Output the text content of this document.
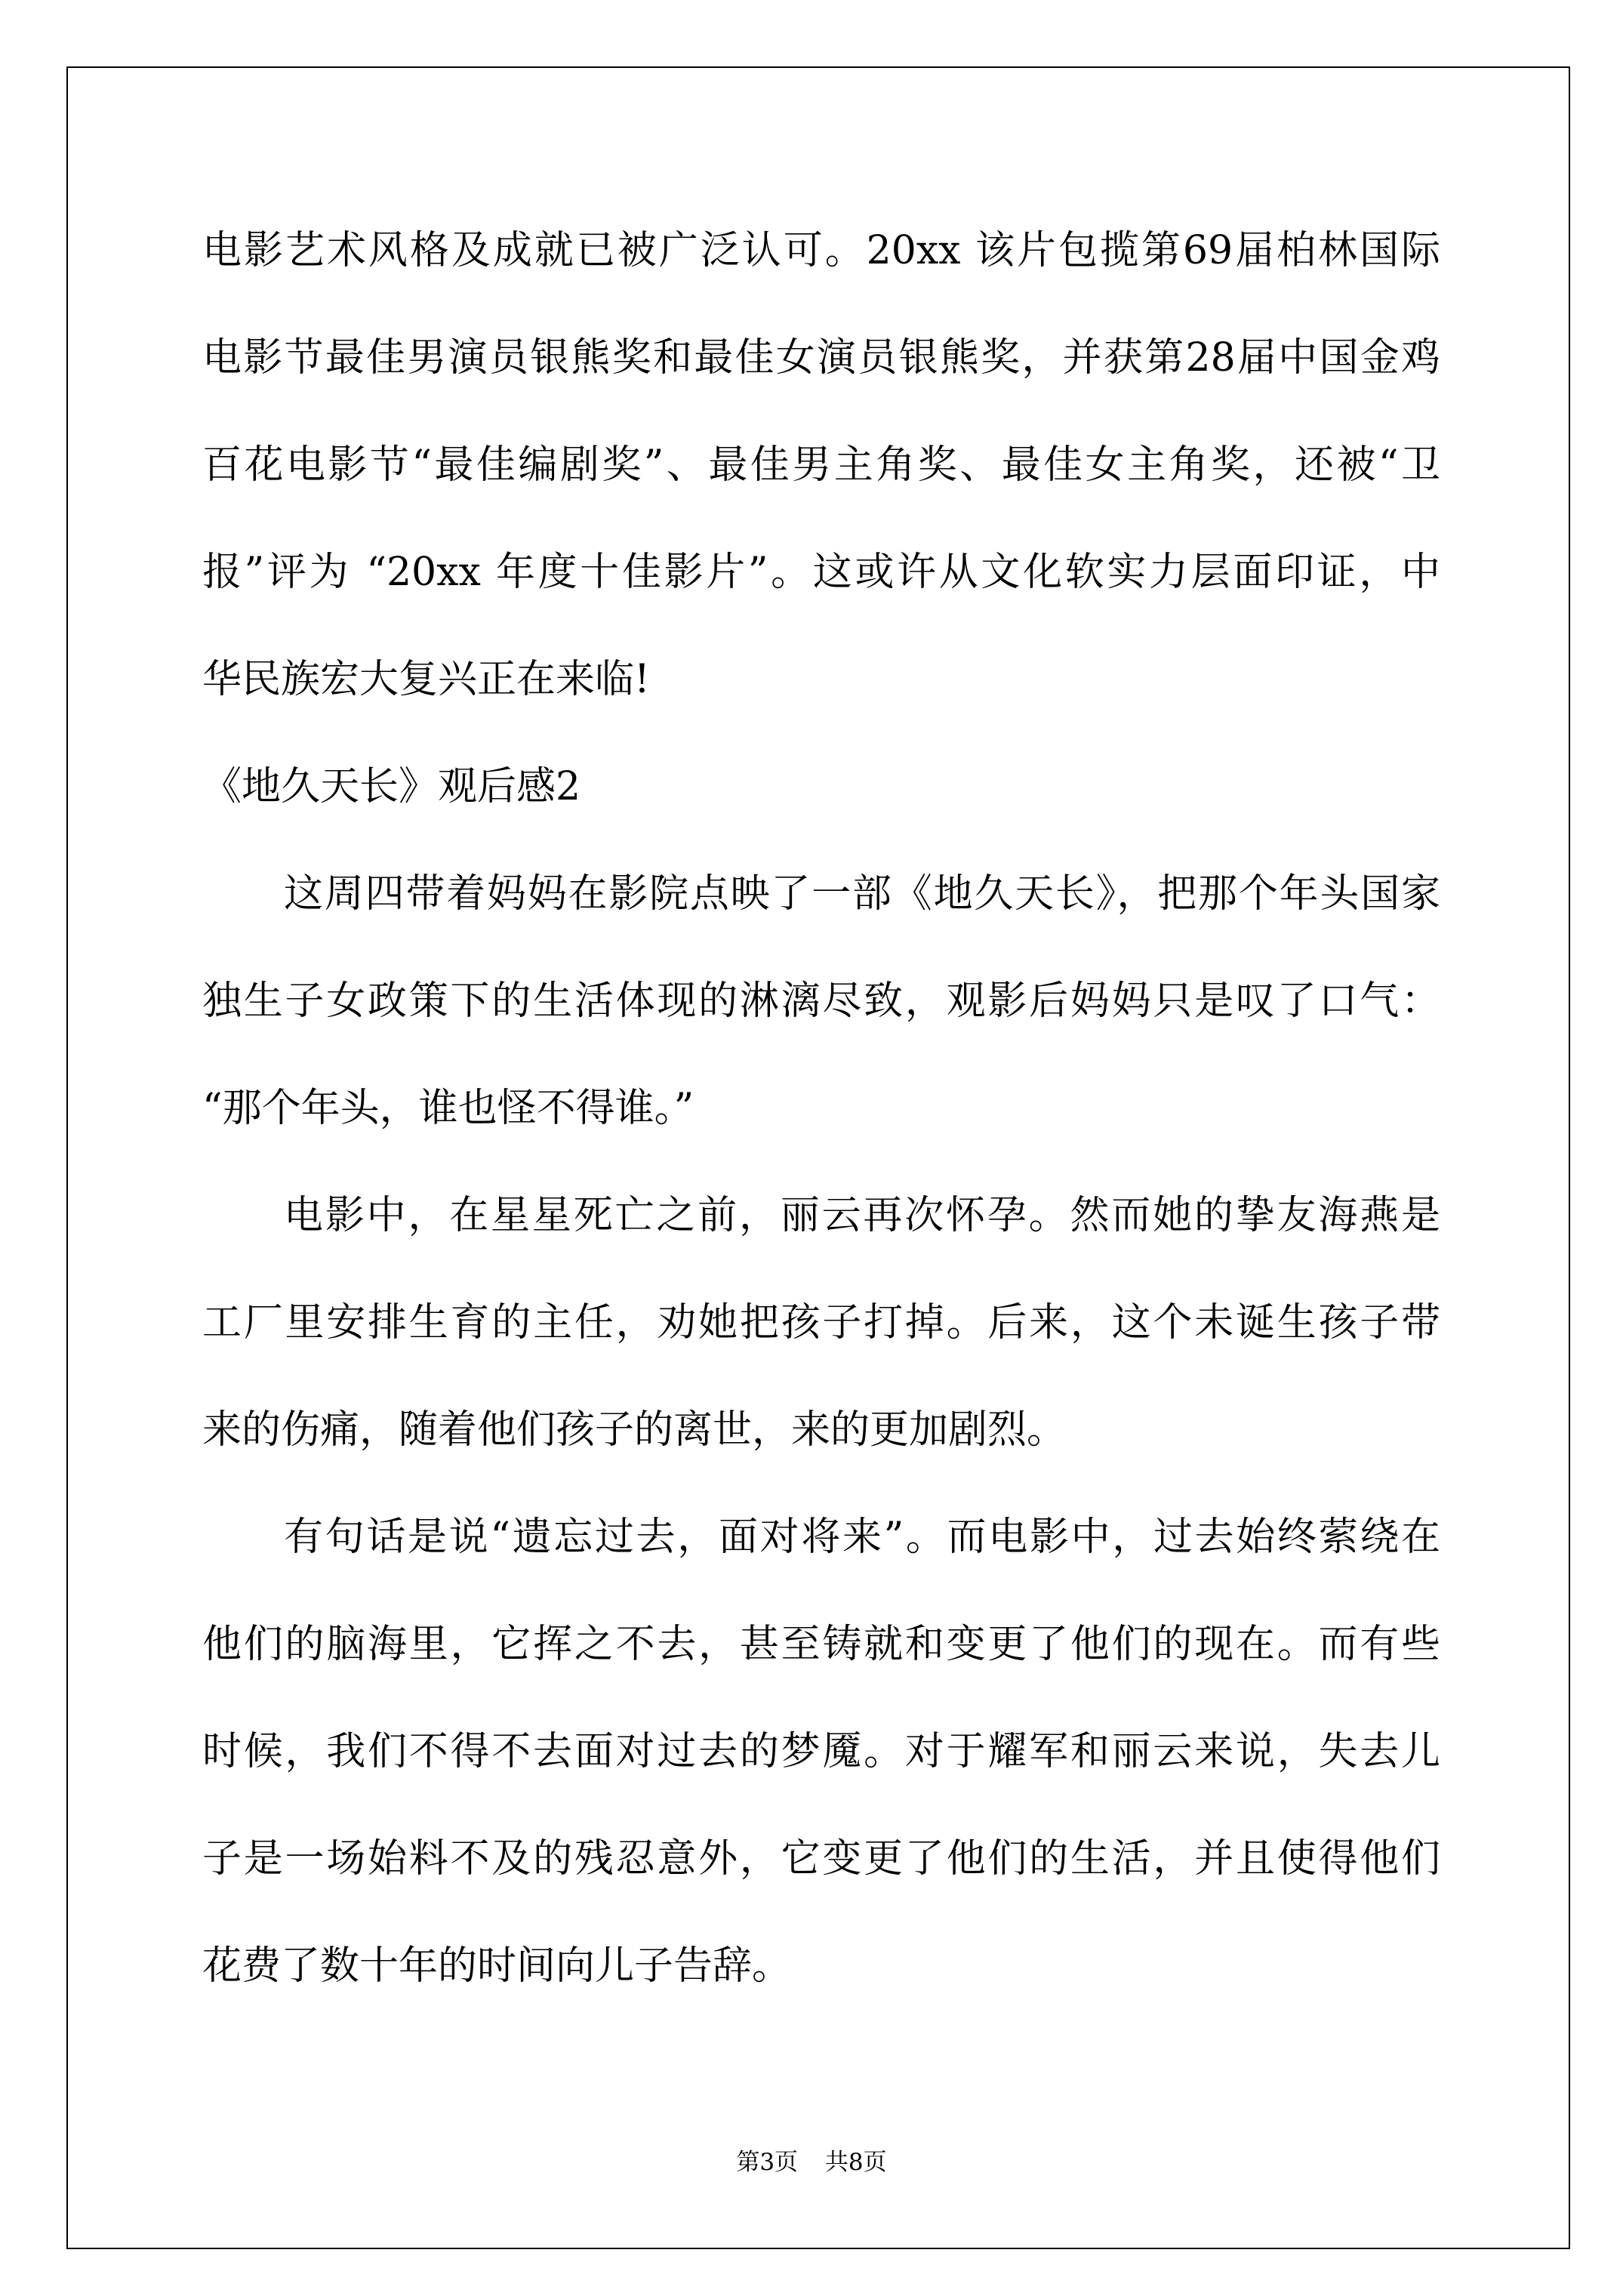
电影艺术风格及成就已被广泛认可。20xx 该片包揽第69届柏林国际
电影节最佳男演员银熊奖和最佳女演员银熊奖，并获第28届中国金鸡
百花电影节“最佳编剧奖”、最佳男主角奖、最佳女主角奖，还被“卫
报”评为 “20xx 年度十佳影片”。这或许从文化软实力层面印证，中
华民族宏大复兴正在来临!
《地久天长》观后感2
这周四带着妈妈在影院点映了一部《地久天长》，把那个年头国家
独生子女政策下的生活体现的淋漓尽致，观影后妈妈只是叹了口气：
“那个年头，谁也怪不得谁。”
电影中，在星星死亡之前，丽云再次怀孕。然而她的挚友海燕是
工厂里安排生育的主任，劝她把孩子打掉。后来，这个未诞生孩子带
来的伤痛，随着他们孩子的离世，来的更加剧烈。
有句话是说“遗忘过去，面对将来”。而电影中，过去始终萦绕在
他们的脑海里，它挥之不去，甚至铸就和变更了他们的现在。而有些
时候，我们不得不去面对过去的梦魇。对于耀军和丽云来说，失去儿
子是一场始料不及的残忍意外，它变更了他们的生活，并且使得他们
花费了数十年的时间向儿子告辞。
第3页 共8页
